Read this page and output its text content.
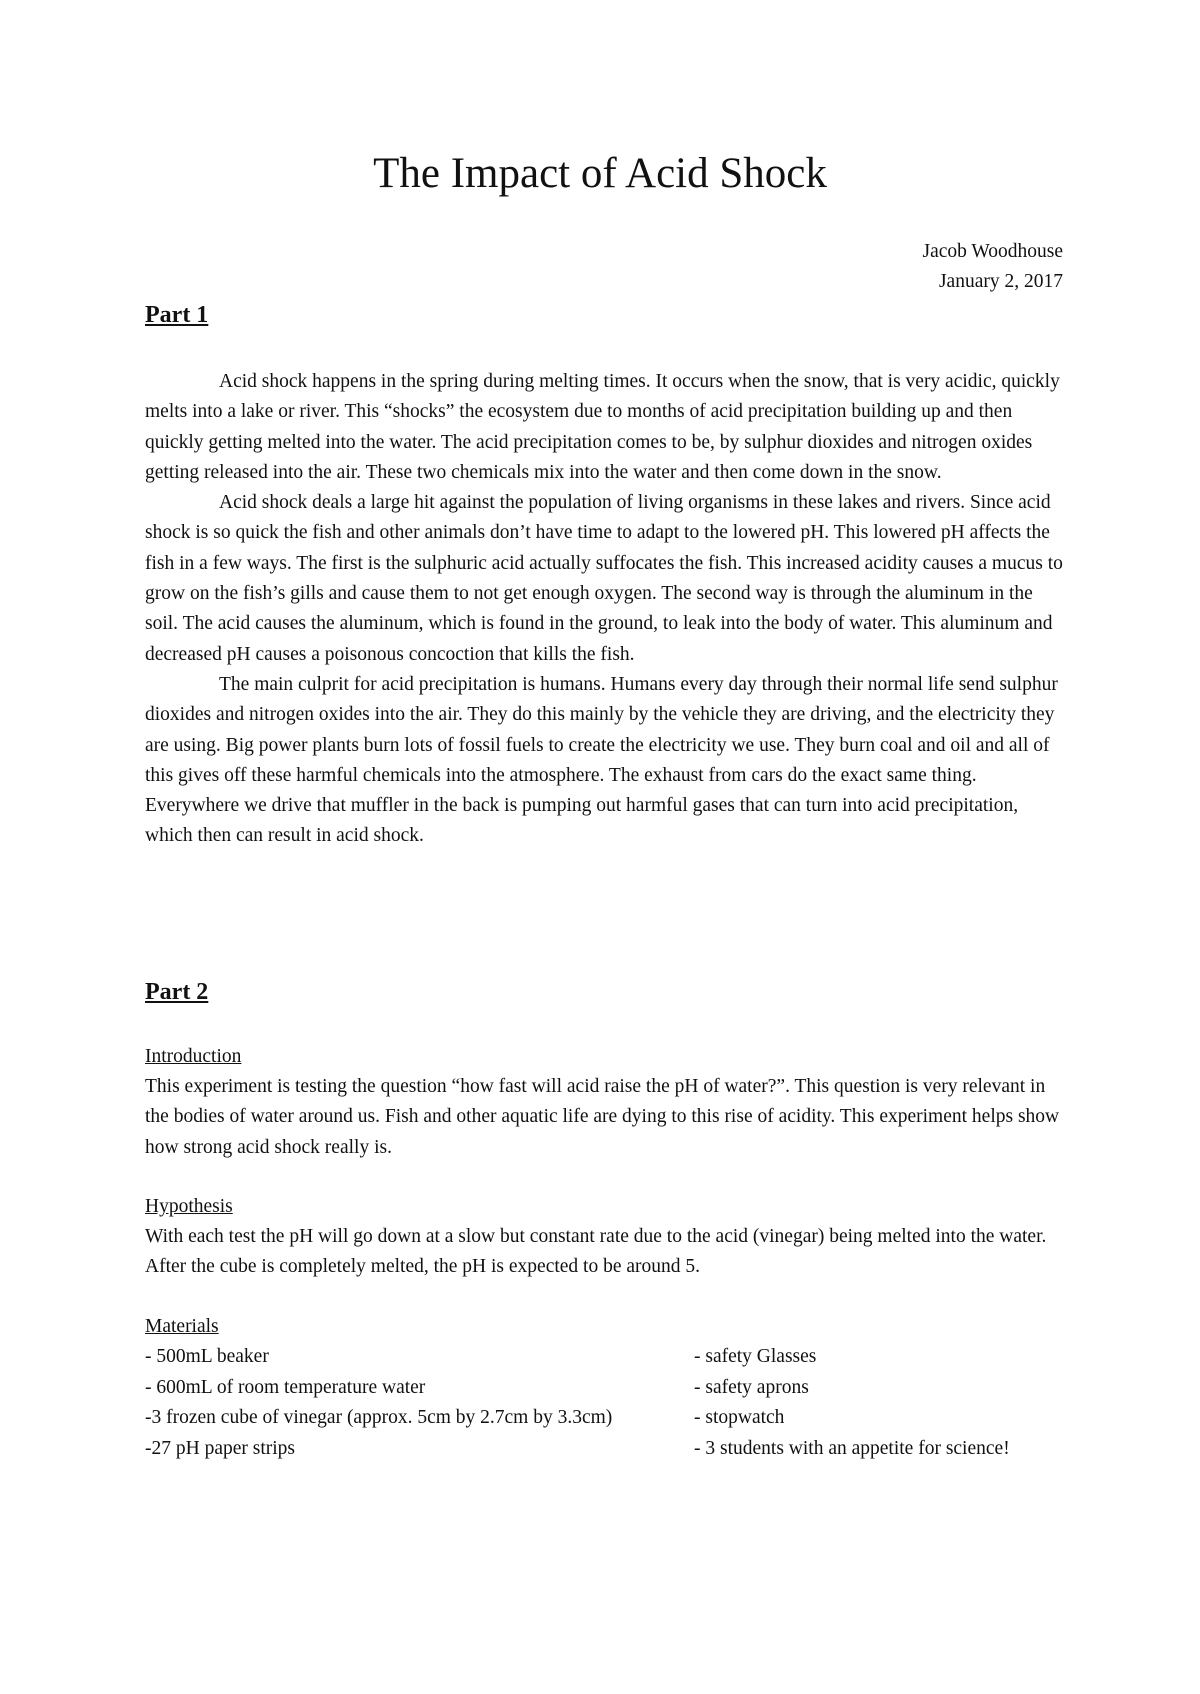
The Impact of Acid Shock

Jacob Woodhouse

January 2, 2017

Part 1

Acid shock happens in the spring during melting times. It occurs when the snow, that is very acidic, quickly melts into a lake or river. This “shocks” the ecosystem due to months of acid precipitation building up and then quickly getting melted into the water. The acid precipitation comes to be, by sulphur dioxides and nitrogen oxides getting released into the air. These two chemicals mix into the water and then come down in the snow.

Acid shock deals a large hit against the population of living organisms in these lakes and rivers. Since acid shock is so quick the fish and other animals don’t have time to adapt to the lowered pH. This lowered pH affects the fish in a few ways. The first is the sulphuric acid actually suffocates the fish. This increased acidity causes a mucus to grow on the fish’s gills and cause them to not get enough oxygen. The second way is through the aluminum in the soil. The acid causes the aluminum, which is found in the ground, to leak into the body of water. This aluminum and decreased pH causes a poisonous concoction that kills the fish.

The main culprit for acid precipitation is humans. Humans every day through their normal life send sulphur dioxides and nitrogen oxides into the air. They do this mainly by the vehicle they are driving, and the electricity they are using. Big power plants burn lots of fossil fuels to create the electricity we use. They burn coal and oil and all of this gives off these harmful chemicals into the atmosphere. The exhaust from cars do the exact same thing. Everywhere we drive that muffler in the back is pumping out harmful gases that can turn into acid precipitation, which then can result in acid shock.

Part 2
Introduction

This experiment is testing the question “how fast will acid raise the pH of water?”. This question is very relevant in the bodies of water around us. Fish and other aquatic life are dying to this rise of acidity. This experiment helps show how strong acid shock really is.

Hypothesis

With each test the pH will go down at a slow but constant rate due to the acid (vinegar) being melted into the water. After the cube is completely melted, the pH is expected to be around 5.

Materials
- 500mL beaker
- 600mL of room temperature water
-3 frozen cube of vinegar (approx. 5cm by 2.7cm by 3.3cm)
-27 pH paper strips
- safety Glasses
- safety aprons
- stopwatch
- 3 students with an appetite for science!
